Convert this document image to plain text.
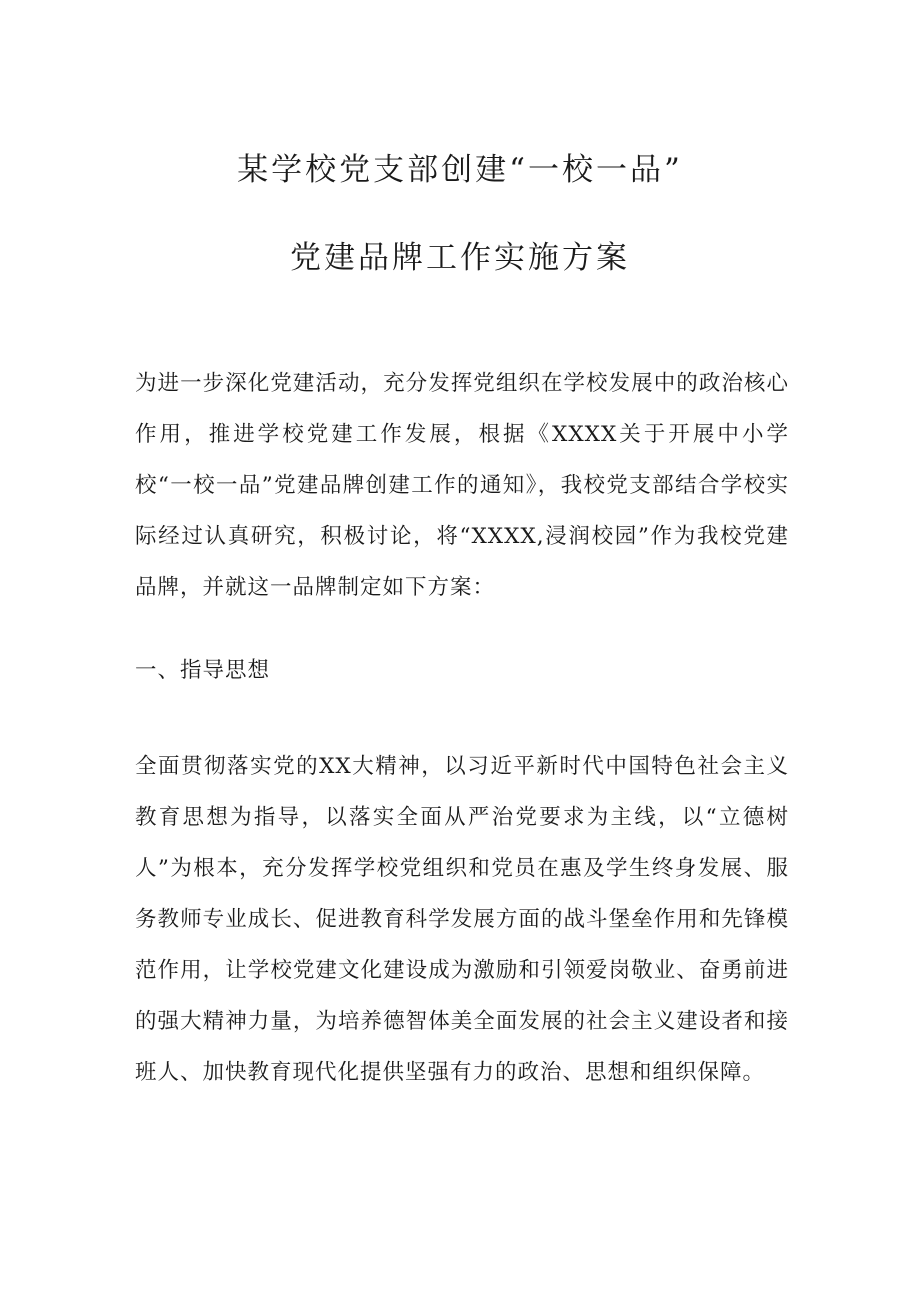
某学校党支部创建“一校一品”
党建品牌工作实施方案

为进一步深化党建活动，充分发挥党组织在学校发展中的政治核心作用，推进学校党建工作发展，根据《XXXX关于开展中小学校“一校一品”党建品牌创建工作的通知》，我校党支部结合学校实际经过认真研究，积极讨论，将“XXXX,浸润校园”作为我校党建品牌，并就这一品牌制定如下方案：

一、指导思想

全面贯彻落实党的XX大精神，以习近平新时代中国特色社会主义教育思想为指导，以落实全面从严治党要求为主线，以“立德树人”为根本，充分发挥学校党组织和党员在惠及学生终身发展、服务教师专业成长、促进教育科学发展方面的战斗堡垒作用和先锋模范作用，让学校党建文化建设成为激励和引领爱岗敬业、奋勇前进的强大精神力量，为培养德智体美全面发展的社会主义建设者和接班人、加快教育现代化提供坚强有力的政治、思想和组织保障。
